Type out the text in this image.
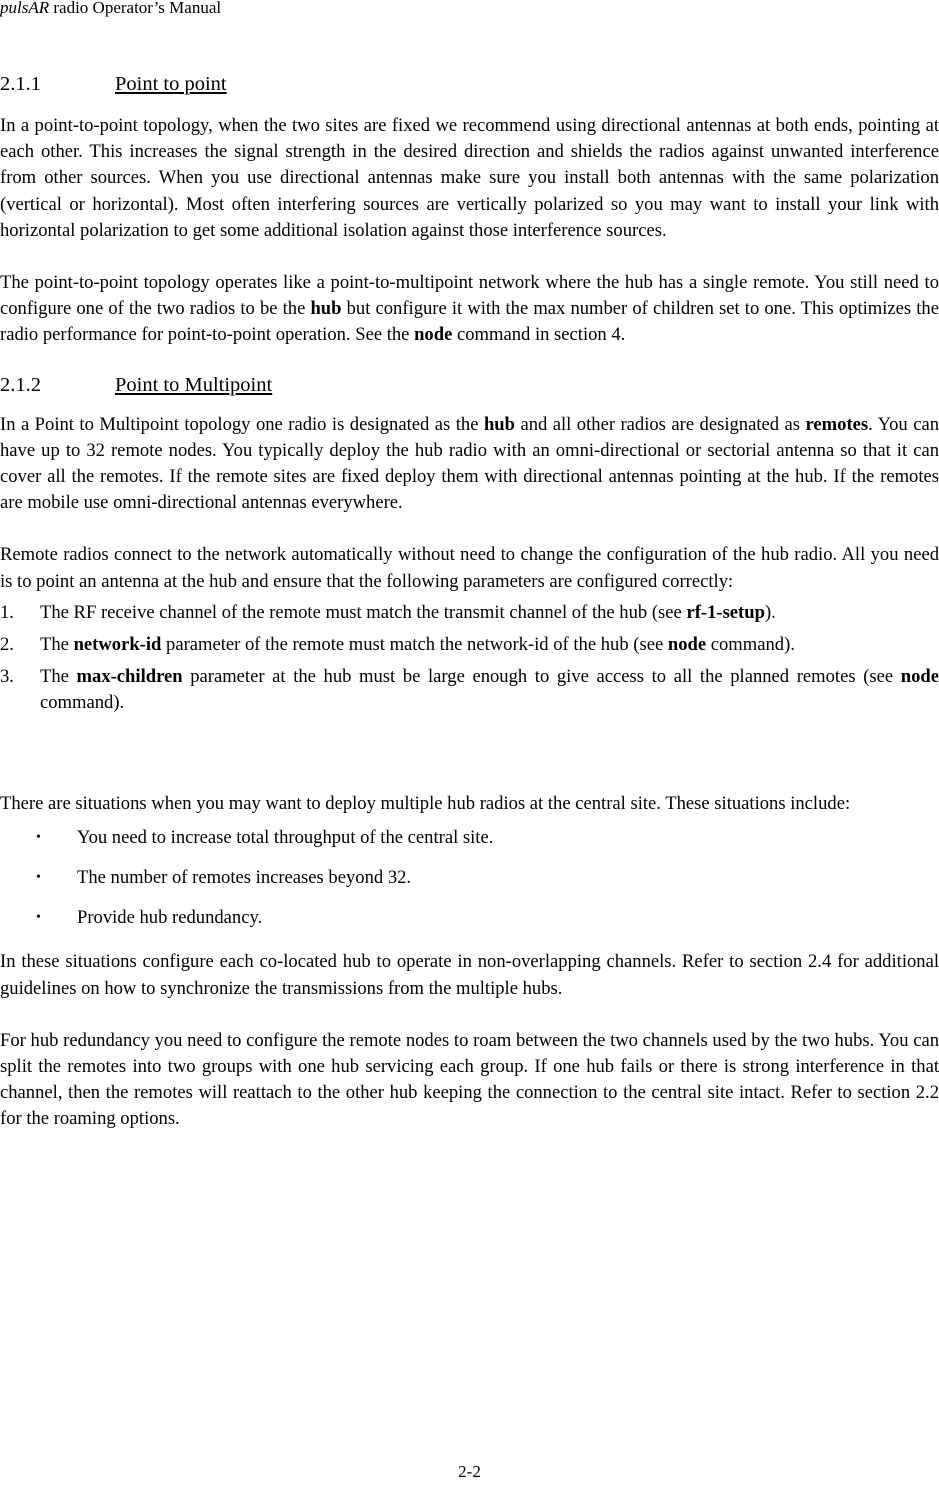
pulsAR radio Operator’s Manual
2.1.1	Point to point

In a point-to-point topology, when the two sites are fixed we recommend using directional antennas at both ends, pointing at each other. This increases the signal strength in the desired direction and shields the radios against unwanted interference from other sources. When you use directional antennas make sure you install both antennas with the same polarization (vertical or horizontal). Most often interfering sources are vertically polarized so you may want to install your link with horizontal polarization to get some additional isolation against those interference sources.

The point-to-point topology operates like a point-to-multipoint network where the hub has a single remote. You still need to configure one of the two radios to be the hub but configure it with the max number of children set to one. This optimizes the radio performance for point-to-point operation. See the node command in section 4.

2.1.2	Point to Multipoint

In a Point to Multipoint topology one radio is designated as the hub and all other radios are designated as remotes. You can have up to 32 remote nodes. You typically deploy the hub radio with an omni-directional or sectorial antenna so that it can cover all the remotes. If the remote sites are fixed deploy them with directional antennas pointing at the hub. If the remotes are mobile use omni-directional antennas everywhere.

Remote radios connect to the network automatically without need to change the configuration of the hub radio. All you need is to point an antenna at the hub and ensure that the following parameters are configured correctly:

1. The RF receive channel of the remote must match the transmit channel of the hub (see rf-1-setup).
2. The network-id parameter of the remote must match the network-id of the hub (see node command).
3. The max-children parameter at the hub must be large enough to give access to all the planned remotes (see node command).

There are situations when you may want to deploy multiple hub radios at the central site. These situations include:

• You need to increase total throughput of the central site.
• The number of remotes increases beyond 32.
• Provide hub redundancy.

In these situations configure each co-located hub to operate in non-overlapping channels. Refer to section 2.4 for additional guidelines on how to synchronize the transmissions from the multiple hubs.

For hub redundancy you need to configure the remote nodes to roam between the two channels used by the two hubs. You can split the remotes into two groups with one hub servicing each group. If one hub fails or there is strong interference in that channel, then the remotes will reattach to the other hub keeping the connection to the central site intact. Refer to section 2.2 for the roaming options.

2-2
